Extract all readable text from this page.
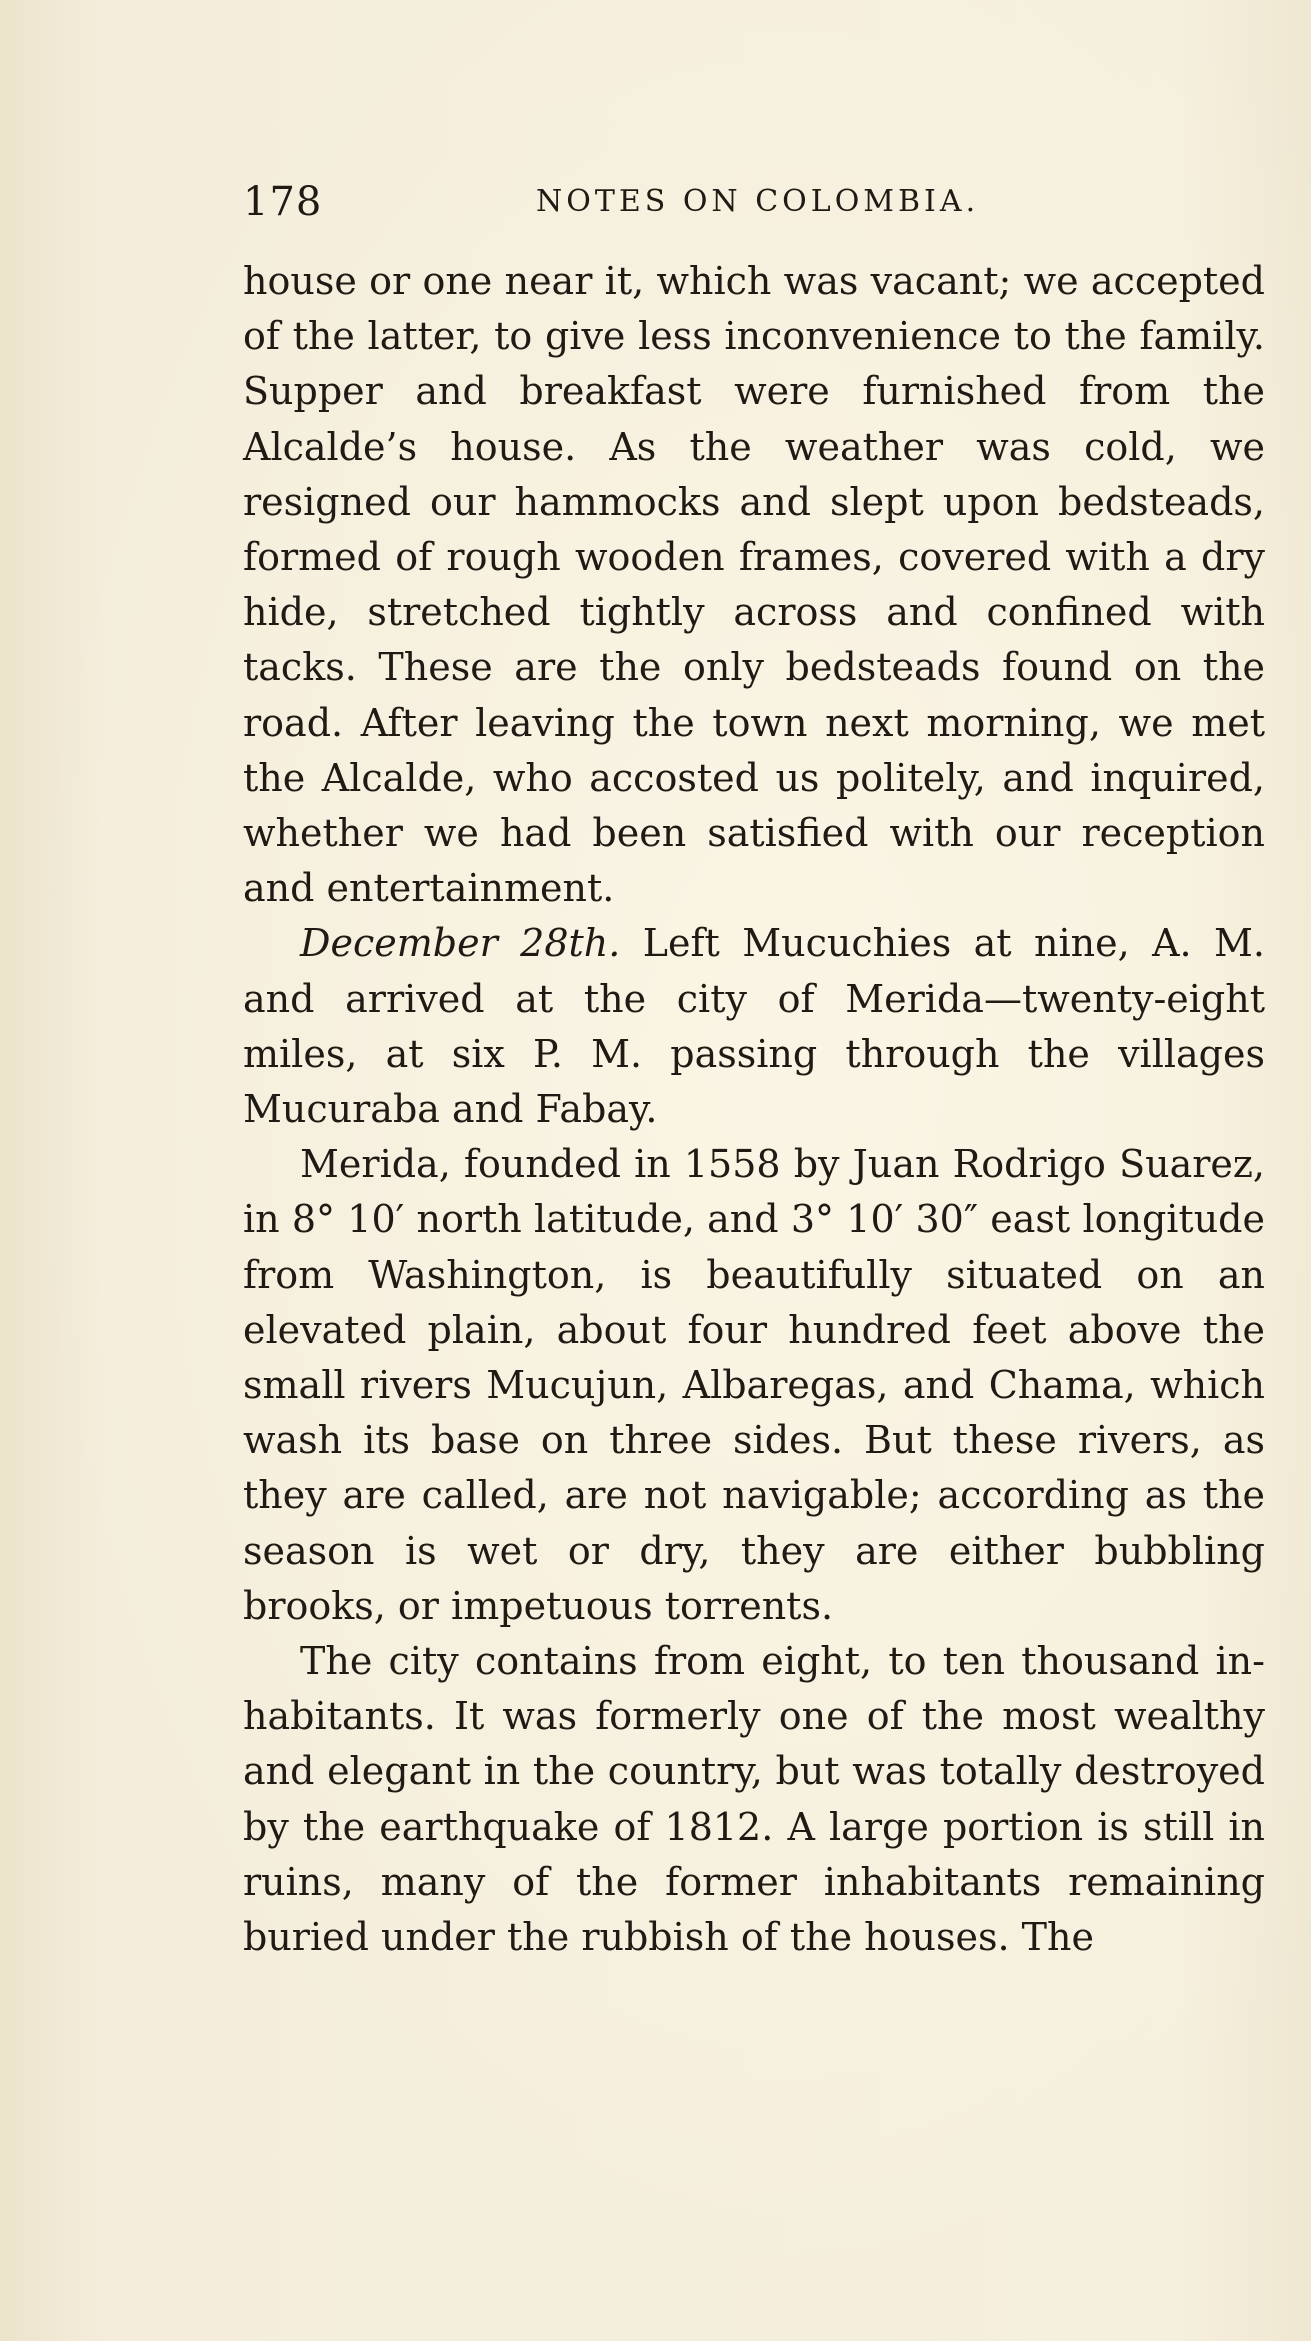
178	NOTES ON COLOMBIA.

house or one near it, which was vacant; we accepted of the latter, to give less inconvenience to the family. Supper and breakfast were furnished from the Alcalde’s house. As the weather was cold, we resigned our hammocks and slept upon bedsteads, formed of rough wooden frames, covered with a dry hide, stretched tightly across and confined with tacks. These are the only bedsteads found on the road. After leaving the town next morning, we met the Alcalde, who accosted us politely, and inquired, whether we had been satisfied with our reception and entertainment.

December 28th. Left Mucuchies at nine, A. M. and arrived at the city of Merida—twenty-eight miles, at six P. M. passing through the villages Mucuraba and Fabay.

Merida, founded in 1558 by Juan Rodrigo Suarez, in 8° 10′ north latitude, and 3° 10′ 30″ east longitude from Washington, is beautifully situated on an elevated plain, about four hundred feet above the small rivers Mucujun, Albaregas, and Chama, which wash its base on three sides. But these rivers, as they are called, are not navigable; according as the season is wet or dry, they are either bubbling brooks, or impetuous torrents.

The city contains from eight, to ten thousand inhabitants. It was formerly one of the most wealthy and elegant in the country, but was totally destroyed by the earthquake of 1812. A large portion is still in ruins, many of the former inhabitants remaining buried under the rubbish of the houses. The
